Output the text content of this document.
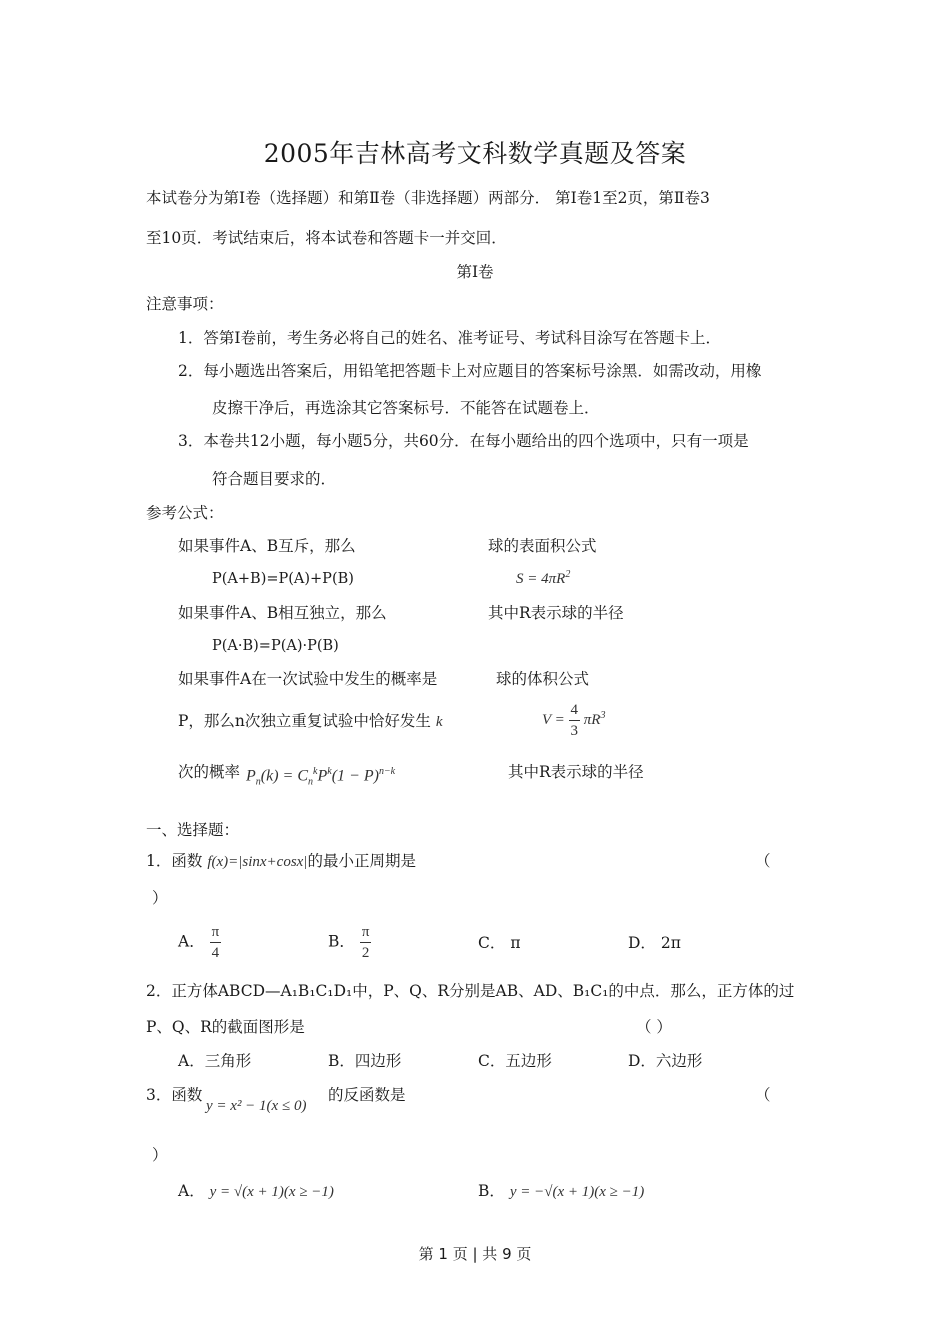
2005年吉林高考文科数学真题及答案
本试卷分为第Ⅰ卷（选择题）和第Ⅱ卷（非选择题）两部分． 第Ⅰ卷1至2页，第Ⅱ卷3
至10页．考试结束后，将本试卷和答题卡一并交回．
第Ⅰ卷
注意事项：
1．答第Ⅰ卷前，考生务必将自己的姓名、准考证号、考试科目涂写在答题卡上．
2．每小题选出答案后，用铅笔把答题卡上对应题目的答案标号涂黑．如需改动，用橡
皮擦干净后，再选涂其它答案标号．不能答在试题卷上．
3．本卷共12小题，每小题5分，共60分．在每小题给出的四个选项中，只有一项是
符合题目要求的．
参考公式：
如果事件A、B互斥，那么
P(A+B)=P(A)+P(B)
如果事件A、B相互独立，那么
P(A·B)=P(A)·P(B)
如果事件A在一次试验中发生的概率是
P，那么n次独立重复试验中恰好发生 k
次的概率 $P_n(k) = C_n^kP^k(1 - P)^{n-k}$
球的表面积公式
$S = 4\pi R^2$
其中R表示球的半径
球的体积公式
$V = \frac{4}{3} \pi R^3$
其中R表示球的半径
一、选择题：
1．函数 f(x)=|sinx+cosx|的最小正周期是	（
）
A． $\frac{\pi}{4}$	B． $\frac{\pi}{2}$	C． π	D． 2π
2．正方体ABCD—A₁B₁C₁D₁中，P、Q、R分别是AB、AD、B₁C₁的中点．那么，正方体的过
P、Q、R的截面图形是	（ ）
A．三角形	B．四边形	C．五边形	D．六边形
3．函数
y = x² − 1(x ≤ 0)
的反函数是	（
）
A． y = √(x + 1)(x ≥ −1)	B． y = −√(x + 1)(x ≥ −1)
第 1 页 | 共 9 页
